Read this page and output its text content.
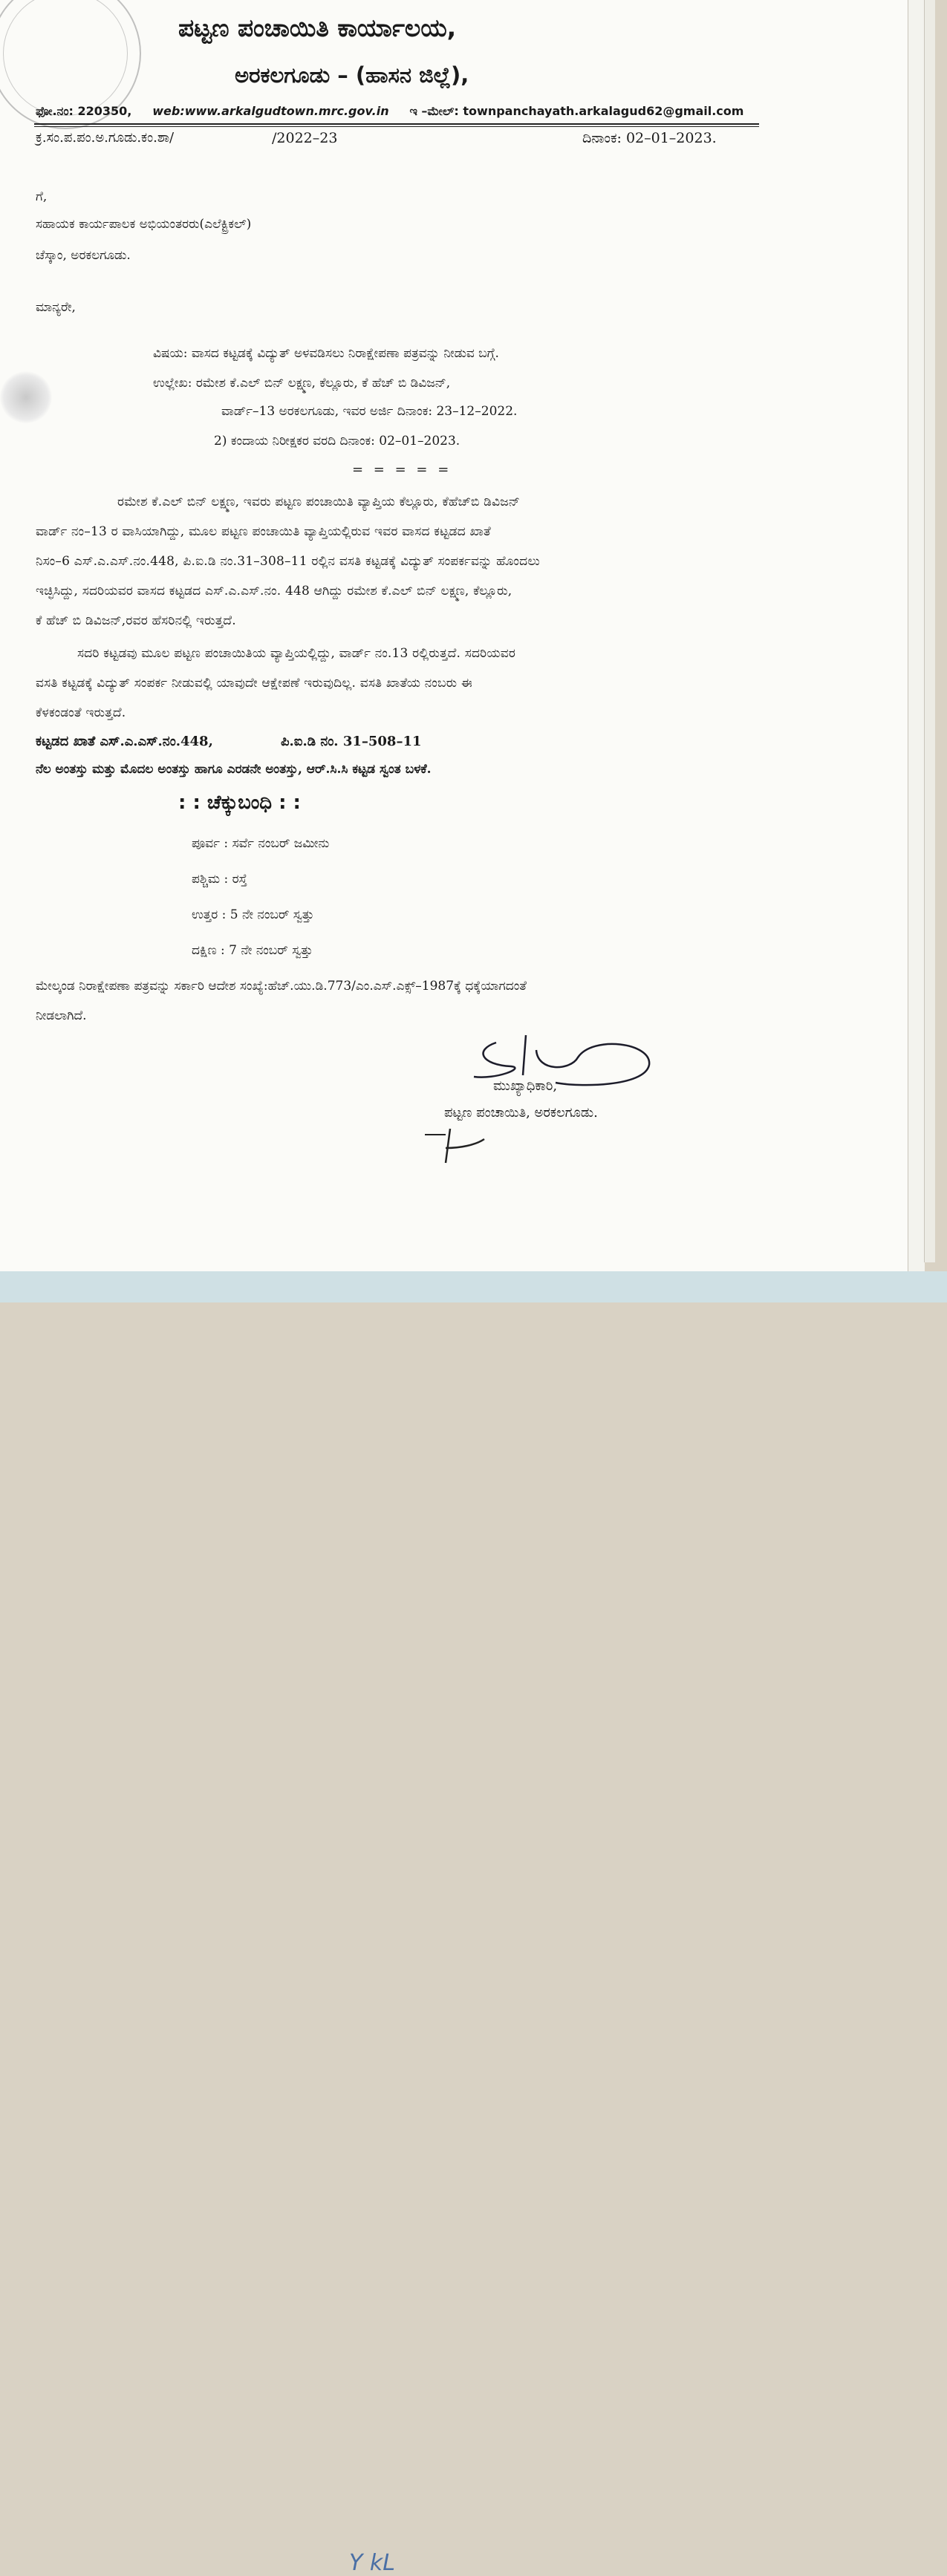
ಪಟ್ಟಣ ಪಂಚಾಯಿತಿ ಕಾರ್ಯಾಲಯ,
ಅರಕಲಗೂಡು – (ಹಾಸನ ಜಿಲ್ಲೆ),
ಫೋ.ನಂ: 220350, web:www.arkalgudtown.mrc.gov.in ಇ –ಮೇಲ್: townpanchayath.arkalagud62@gmail.com
ಕ್ರ.ಸಂ.ಪ.ಪಂ.ಅ.ಗೂಡು.ಕಂ.ಶಾ/	/2022–23	ದಿನಾಂಕ: 02–01–2023.
ಗೆ,
ಸಹಾಯಕ ಕಾರ್ಯಪಾಲಕ ಅಭಿಯಂತರರು(ಎಲೆಕ್ಟ್ರಿಕಲ್)
ಚೆಸ್ಕಾಂ, ಅರಕಲಗೂಡು.
ಮಾನ್ಯರೇ,
ವಿಷಯ: ವಾಸದ ಕಟ್ಟಡಕ್ಕೆ ವಿದ್ಯುತ್ ಅಳವಡಿಸಲು ನಿರಾಕ್ಷೇಪಣಾ ಪತ್ರವನ್ನು ನೀಡುವ ಬಗ್ಗೆ.
ಉಲ್ಲೇಖ: ರಮೇಶ ಕೆ.ಎಲ್ ಬಿನ್ ಲಕ್ಷ್ಮಣ, ಕೆಲ್ಲೂರು, ಕೆ ಹೆಚ್ ಬಿ ಡಿವಿಜನ್,
ವಾರ್ಡ್–13 ಅರಕಲಗೂಡು, ಇವರ ಅರ್ಜಿ ದಿನಾಂಕ: 23–12–2022.
2) ಕಂದಾಯ ನಿರೀಕ್ಷಕರ ವರದಿ ದಿನಾಂಕ: 02–01–2023.
= = = = =
ರಮೇಶ ಕೆ.ಎಲ್ ಬಿನ್ ಲಕ್ಷ್ಮಣ, ಇವರು ಪಟ್ಟಣ ಪಂಚಾಯಿತಿ ವ್ಯಾಪ್ತಿಯ ಕೆಲ್ಲೂರು, ಕೆಹೆಚ್‌ಬಿ ಡಿವಿಜನ್
ವಾರ್ಡ್ ನಂ–13 ರ ವಾಸಿಯಾಗಿದ್ದು, ಮೂಲ ಪಟ್ಟಣ ಪಂಚಾಯಿತಿ ವ್ಯಾಪ್ತಿಯಲ್ಲಿರುವ ಇವರ ವಾಸದ ಕಟ್ಟಡದ ಖಾತೆ
ನಿಸಂ–6 ಎಸ್.ಎ.ಎಸ್.ನಂ.448, ಪಿ.ಐ.ಡಿ ನಂ.31–308–11 ರಲ್ಲಿನ ವಸತಿ ಕಟ್ಟಡಕ್ಕೆ ವಿದ್ಯುತ್ ಸಂಪರ್ಕವನ್ನು ಹೊಂದಲು
ಇಚ್ಛಿಸಿದ್ದು, ಸದರಿಯವರ ವಾಸದ ಕಟ್ಟಡದ ಎಸ್.ಎ.ಎಸ್.ನಂ. 448 ಆಗಿದ್ದು ರಮೇಶ ಕೆ.ಎಲ್ ಬಿನ್ ಲಕ್ಷ್ಮಣ, ಕೆಲ್ಲೂರು,
ಕೆ ಹೆಚ್ ಬಿ ಡಿವಿಜನ್,ರವರ ಹೆಸರಿನಲ್ಲಿ ಇರುತ್ತದೆ.
ಸದರಿ ಕಟ್ಟಡವು ಮೂಲ ಪಟ್ಟಣ ಪಂಚಾಯಿತಿಯ ವ್ಯಾಪ್ತಿಯಲ್ಲಿದ್ದು, ವಾರ್ಡ್ ನಂ.13 ರಲ್ಲಿರುತ್ತದೆ. ಸದರಿಯವರ
ವಸತಿ ಕಟ್ಟಡಕ್ಕೆ ವಿದ್ಯುತ್ ಸಂಪರ್ಕ ನೀಡುವಲ್ಲಿ ಯಾವುದೇ ಆಕ್ಷೇಪಣೆ ಇರುವುದಿಲ್ಲ. ವಸತಿ ಖಾತೆಯ ನಂಬರು ಈ
ಕೆಳಕಂಡಂತೆ ಇರುತ್ತದೆ.
ಕಟ್ಟಡದ ಖಾತೆ ಎಸ್.ಎ.ಎಸ್.ನಂ.448,	ಪಿ.ಐ.ಡಿ ನಂ. 31–508–11
ನೆಲ ಅಂತಸ್ತು ಮತ್ತು ಮೊದಲ ಅಂತಸ್ತು ಹಾಗೂ ಎರಡನೇ ಅಂತಸ್ತು, ಆರ್.ಸಿ.ಸಿ ಕಟ್ಟಡ ಸ್ವಂತ ಬಳಕೆ.
: : ಚೆಕ್ಕುಬಂಧಿ : :
ಪೂರ್ವ : ಸರ್ವೆ ನಂಬರ್ ಜಮೀನು
ಪಶ್ಚಿಮ : ರಸ್ತೆ
ಉತ್ತರ : 5 ನೇ ನಂಬರ್ ಸ್ವತ್ತು
ದಕ್ಷಿಣ : 7 ನೇ ನಂಬರ್ ಸ್ವತ್ತು
ಮೇಲ್ಕಂಡ ನಿರಾಕ್ಷೇಪಣಾ ಪತ್ರವನ್ನು ಸರ್ಕಾರಿ ಆದೇಶ ಸಂಖ್ಯೆ:ಹೆಚ್.ಯು.ಡಿ.773/ಎಂ.ಎಸ್.ಎಕ್ಸ್–1987ಕ್ಕೆ ಧಕ್ಕೆಯಾಗದಂತೆ
ನೀಡಲಾಗಿದೆ.
ಮುಖ್ಯಾಧಿಕಾರಿ,
ಪಟ್ಟಣ ಪಂಚಾಯಿತಿ, ಅರಕಲಗೂಡು.
Y kL
